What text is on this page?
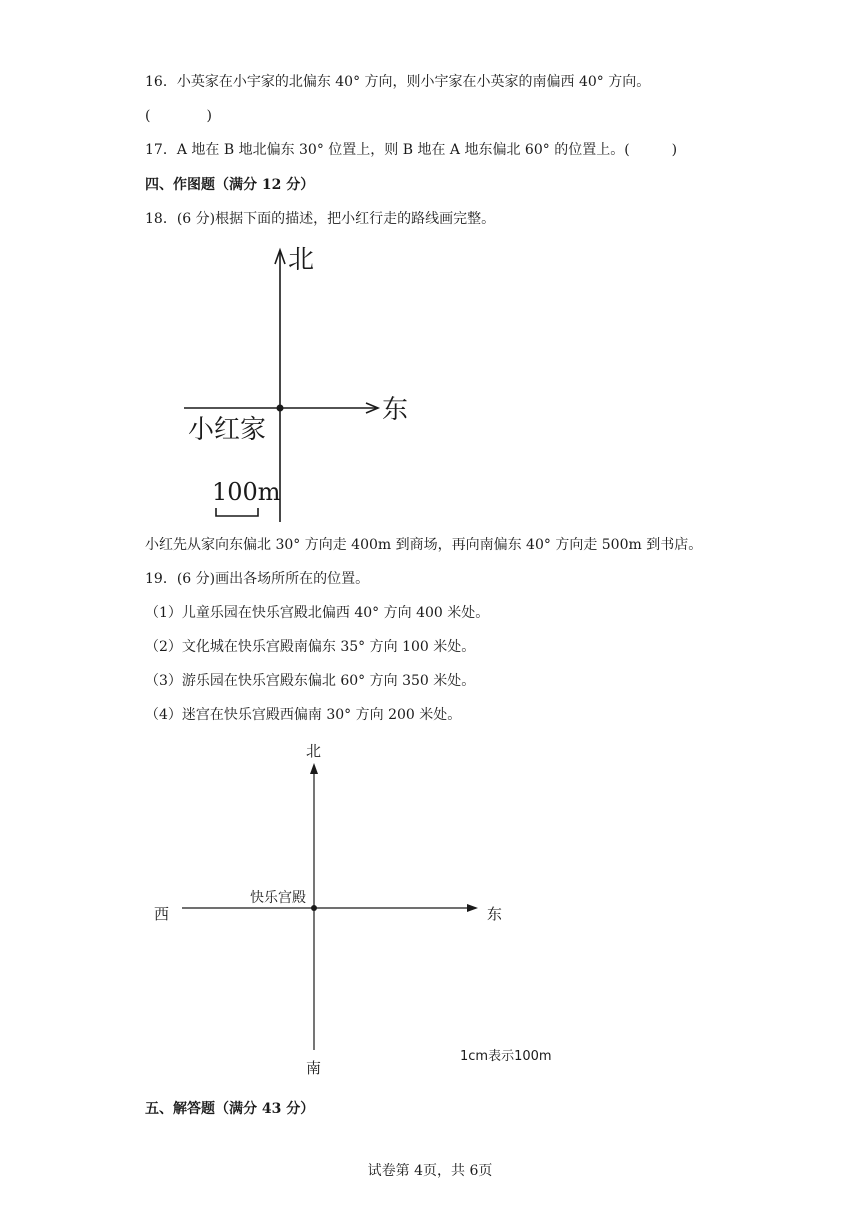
16．小英家在小宇家的北偏东 40° 方向，则小宇家在小英家的南偏西 40° 方向。
(　　　　)
17．A 地在 B 地北偏东 30° 位置上，则 B 地在 A 地东偏北 60° 的位置上。(　　　)
四、作图题（满分 12 分）
18．(6 分)根据下面的描述，把小红行走的路线画完整。
北
东
小红家
100m
小红先从家向东偏北 30° 方向走 400m 到商场，再向南偏东 40° 方向走 500m 到书店。
19．(6 分)画出各场所所在的位置。
（1）儿童乐园在快乐宫殿北偏西 40° 方向 400 米处。
（2）文化城在快乐宫殿南偏东 35° 方向 100 米处。
（3）游乐园在快乐宫殿东偏北 60° 方向 350 米处。
（4）迷宫在快乐宫殿西偏南 30° 方向 200 米处。
北
南
西	东
快乐宫殿
1cm表示100m
五、解答题（满分 43 分）
试卷第 4页，共 6页
